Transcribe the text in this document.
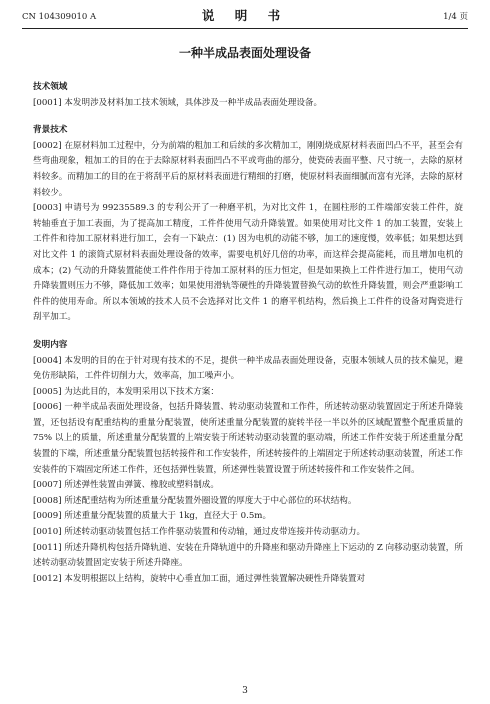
CN 104309010 A	说 明 书	1/4 页
一种半成品表面处理设备
技术领域

[0001] 本发明涉及材料加工技术领域，具体涉及一种半成品表面处理设备。

背景技术

[0002] 在原材料加工过程中，分为前端的粗加工和后续的多次精加工，刚刚烧成原材料表面凹凸不平，甚至会有些弯曲现象，粗加工的目的在于去除原材料表面凹凸不平或弯曲的部分，使瓷砖表面平整、尺寸统一，去除的原材料较多。而精加工的目的在于将刮平后的原材料表面进行精细的打磨，使原材料表面细腻而富有光泽，去除的原材料较少。

[0003] 申请号为 99235589.3 的专利公开了一种磨平机，为对比文件 1，在圆柱形的工件端部安装工件件，旋转轴垂直于加工表面，为了提高加工精度，工件件使用气动升降装置。如果使用对比文件 1 的加工装置，安装上工件件和待加工原材料进行加工，会有一下缺点：(1) 因为电机的动能不够，加工的速度慢，效率低；如果想达到对比文件 1 的滚筒式原材料表面处理设备的效率，需要电机好几倍的功率，而这样会提高能耗，而且增加电机的成本；(2) 气动的升降装置能使工件件作用于待加工原材料的压力恒定，但是如果换上工件件进行加工，使用气动升降装置则压力不够，降低加工效率；如果使用滑轨等硬性的升降装置替换气动的软性升降装置，则会严重影响工件件的使用寿命。所以本领域的技术人员不会选择对比文件 1 的磨平机结构，然后换上工件件的设备对陶瓷进行刮平加工。

发明内容

[0004] 本发明的目的在于针对现有技术的不足，提供一种半成品表面处理设备，克服本领域人员的技术偏见，避免仿形缺陷，工件件切削力大，效率高，加工噪声小。

[0005] 为达此目的，本发明采用以下技术方案：

[0006] 一种半成品表面处理设备，包括升降装置、转动驱动装置和工作件，所述转动驱动装置固定于所述升降装置，还包括设有配重结构的重量分配装置，使所述重量分配装置的旋转半径一半以外的区域配置整个配重质量的 75% 以上的质量，所述重量分配装置的上端安装于所述转动驱动装置的驱动端，所述工作件安装于所述重量分配装置的下端，所述重量分配装置包括转接件和工作安装件，所述转接件的上端固定于所述转动驱动装置，所述工作安装件的下端固定所述工作件，还包括弹性装置，所述弹性装置设置于所述转接件和工作安装件之间。

[0007] 所述弹性装置由弹簧、橡胶或塑料制成。

[0008] 所述配重结构为所述重量分配装置外圈设置的厚度大于中心部位的环状结构。

[0009] 所述重量分配装置的质量大于 1kg，直径大于 0.5m。

[0010] 所述转动驱动装置包括工作件驱动装置和传动轴，通过皮带连接并传动驱动力。

[0011] 所述升降机构包括升降轨道、安装在升降轨道中的升降座和驱动升降座上下运动的 Z 向移动驱动装置，所述转动驱动装置固定安装于所述升降座。

[0012] 本发明根据以上结构，旋转中心垂直加工面，通过弹性装置解决硬性升降装置对

3
